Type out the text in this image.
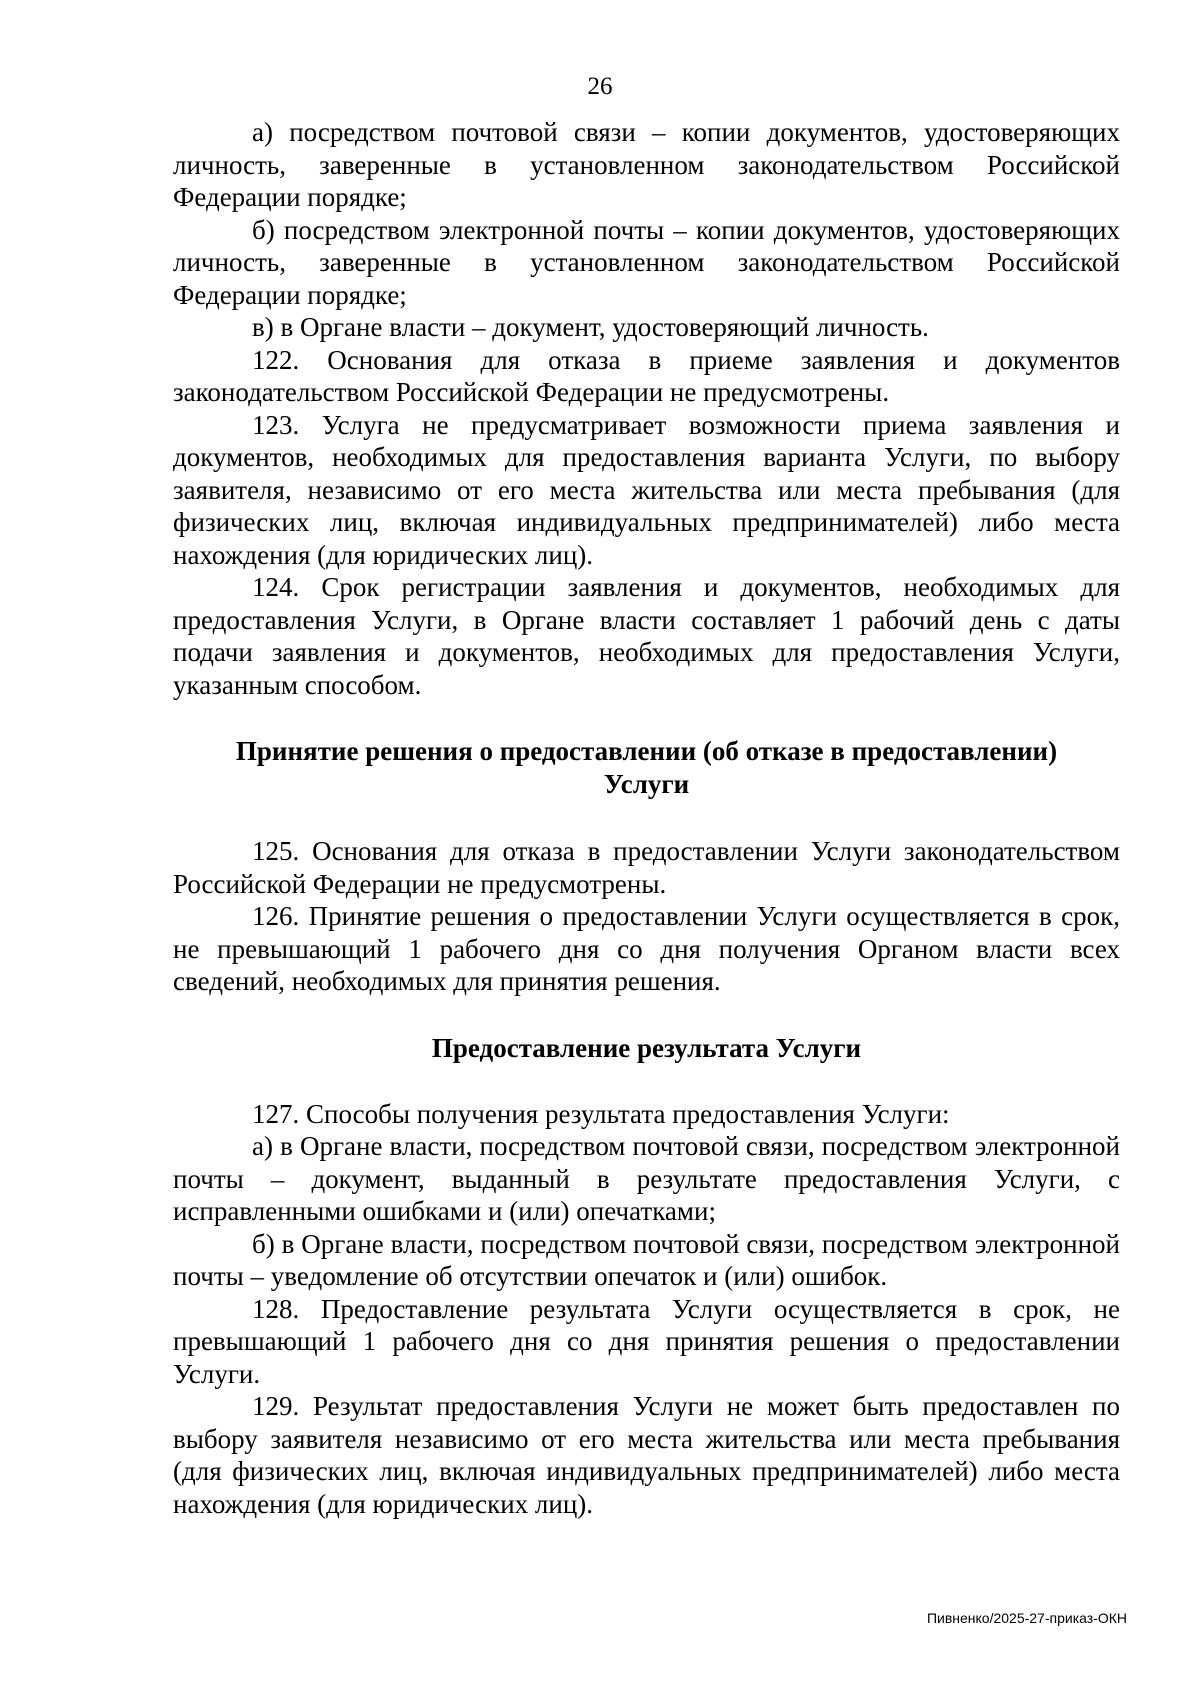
26

а) посредством почтовой связи – копии документов, удостоверяющих личность, заверенные в установленном законодательством Российской Федерации порядке;

б) посредством электронной почты – копии документов, удостоверяющих личность, заверенные в установленном законодательством Российской Федерации порядке;

в) в Органе власти – документ, удостоверяющий личность.

122. Основания для отказа в приеме заявления и документов законодательством Российской Федерации не предусмотрены.

123. Услуга не предусматривает возможности приема заявления и документов, необходимых для предоставления варианта Услуги, по выбору заявителя, независимо от его места жительства или места пребывания (для физических лиц, включая индивидуальных предпринимателей) либо места нахождения (для юридических лиц).

124. Срок регистрации заявления и документов, необходимых для предоставления Услуги, в Органе власти составляет 1 рабочий день с даты подачи заявления и документов, необходимых для предоставления Услуги, указанным способом.

Принятие решения о предоставлении (об отказе в предоставлении) Услуги

125. Основания для отказа в предоставлении Услуги законодательством Российской Федерации не предусмотрены.

126. Принятие решения о предоставлении Услуги осуществляется в срок, не превышающий 1 рабочего дня со дня получения Органом власти всех сведений, необходимых для принятия решения.

Предоставление результата Услуги

127. Способы получения результата предоставления Услуги:

а) в Органе власти, посредством почтовой связи, посредством электронной почты – документ, выданный в результате предоставления Услуги, с исправленными ошибками и (или) опечатками;

б) в Органе власти, посредством почтовой связи, посредством электронной почты – уведомление об отсутствии опечаток и (или) ошибок.

128. Предоставление результата Услуги осуществляется в срок, не превышающий 1 рабочего дня со дня принятия решения о предоставлении Услуги.

129. Результат предоставления Услуги не может быть предоставлен по выбору заявителя независимо от его места жительства или места пребывания (для физических лиц, включая индивидуальных предпринимателей) либо места нахождения (для юридических лиц).

Пивненко/2025-27-приказ-ОКН
